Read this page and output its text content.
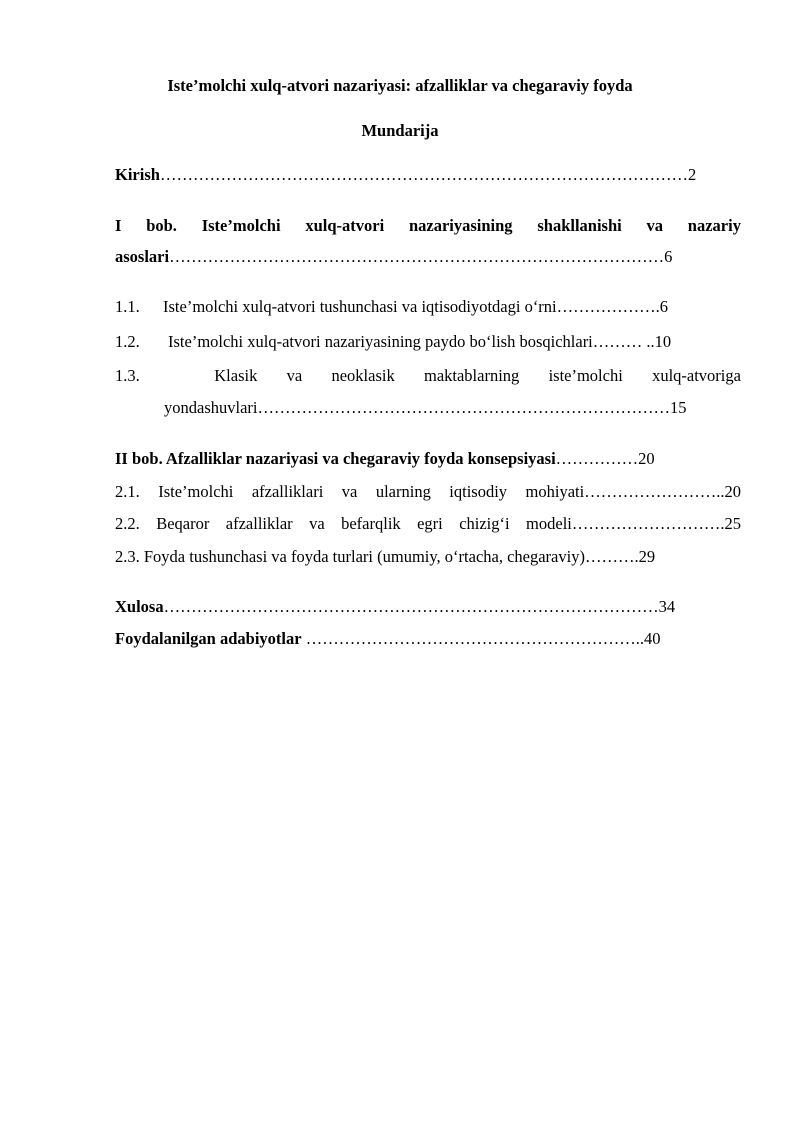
Iste’molchi xulq-atvori nazariyasi: afzalliklar va chegaraviy foyda
Mundarija
Kirish……………………………………………………………………………………2
I bob. Iste’molchi xulq-atvori nazariyasining shakllanishi va nazariy
asoslari………………………………………………………………………………6
1.1. Iste’molchi xulq-atvori tushunchasi va iqtisodiyotdagi o‘rni……………….6
1.2. Iste’molchi xulq-atvori nazariyasining paydo bo‘lish bosqichlari……… ..10
1.3.	Klasik va neoklasik maktablarning iste’molchi xulq-atvoriga
yondashuvlari…………………………………………………………………15
II bob. Afzalliklar nazariyasi va chegaraviy foyda konsepsiyasi……………20
2.1. Iste’molchi afzalliklari va ularning iqtisodiy mohiyati……………………..20
2.2. Beqaror afzalliklar va befarqlik egri chizig‘i modeli……………………….25
2.3. Foyda tushunchasi va foyda turlari (umumiy, o‘rtacha, chegaraviy)……….29
Xulosa………………………………………………………………………………34
Foydalanilgan adabiyotlar ……………………………………………………..40
